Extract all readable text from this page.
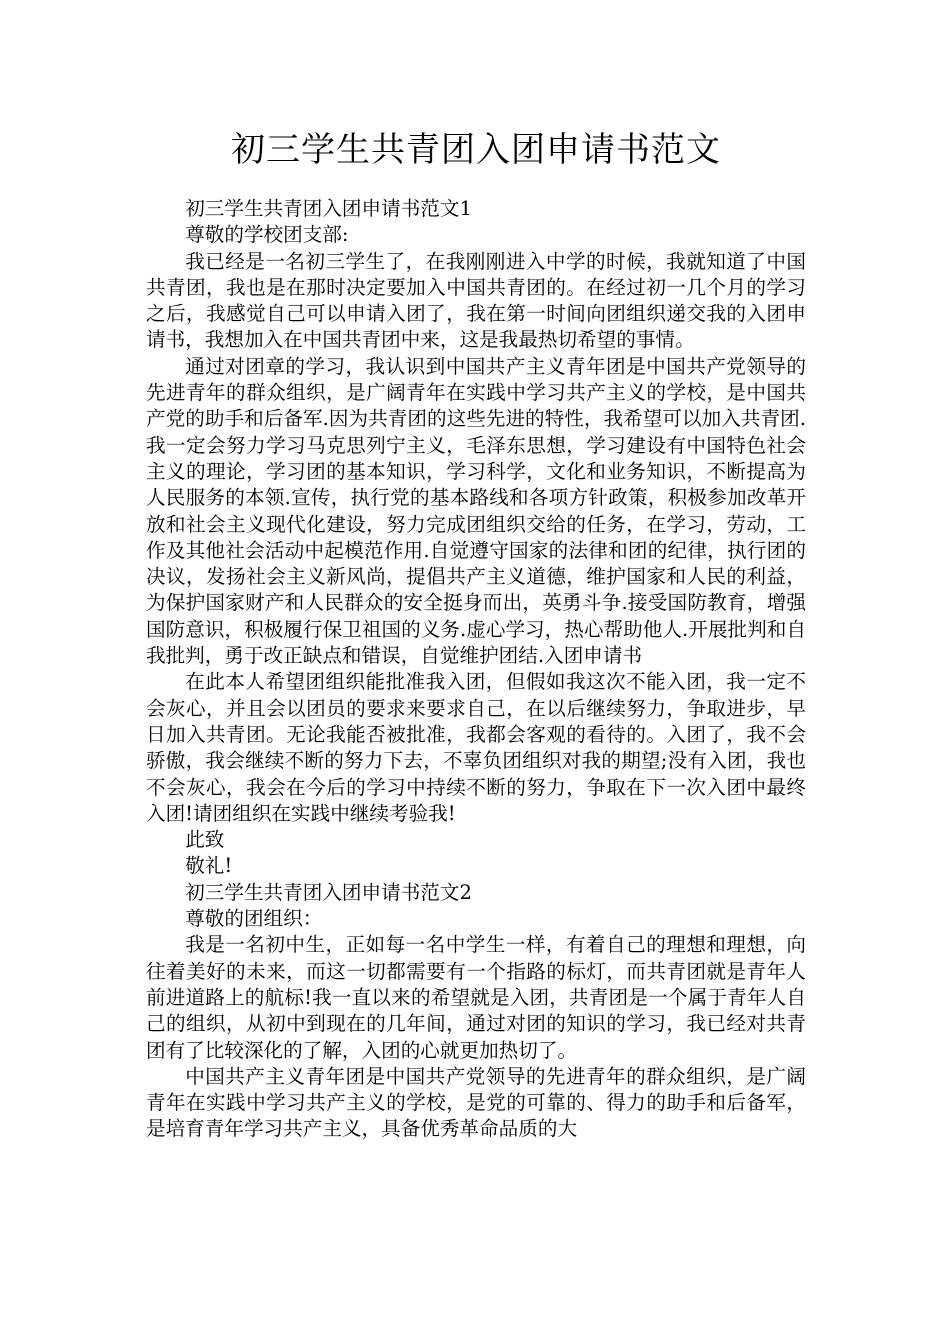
初三学生共青团入团申请书范文

初三学生共青团入团申请书范文1

尊敬的学校团支部:

我已经是一名初三学生了，在我刚刚进入中学的时候，我就知道了中国共青团，我也是在那时决定要加入中国共青团的。在经过初一几个月的学习之后，我感觉自己可以申请入团了，我在第一时间向团组织递交我的入团申请书，我想加入在中国共青团中来，这是我最热切希望的事情。

通过对团章的学习，我认识到中国共产主义青年团是中国共产党领导的先进青年的群众组织，是广阔青年在实践中学习共产主义的学校，是中国共产党的助手和后备军.因为共青团的这些先进的特性，我希望可以加入共青团.我一定会努力学习马克思列宁主义，毛泽东思想，学习建设有中国特色社会主义的理论，学习团的基本知识，学习科学，文化和业务知识，不断提高为人民服务的本领.宣传，执行党的基本路线和各项方针政策，积极参加改革开放和社会主义现代化建设，努力完成团组织交给的任务，在学习，劳动，工作及其他社会活动中起模范作用.自觉遵守国家的法律和团的纪律，执行团的决议，发扬社会主义新风尚，提倡共产主义道德，维护国家和人民的利益，为保护国家财产和人民群众的安全挺身而出，英勇斗争.接受国防教育，增强国防意识，积极履行保卫祖国的义务.虚心学习，热心帮助他人.开展批判和自我批判，勇于改正缺点和错误，自觉维护团结.入团申请书

在此本人希望团组织能批准我入团，但假如我这次不能入团，我一定不会灰心，并且会以团员的要求来要求自己，在以后继续努力，争取进步，早日加入共青团。无论我能否被批准，我都会客观的看待的。入团了，我不会骄傲，我会继续不断的努力下去，不辜负团组织对我的期望;没有入团，我也不会灰心，我会在今后的学习中持续不断的努力，争取在下一次入团中最终入团!请团组织在实践中继续考验我!

此致

敬礼!

初三学生共青团入团申请书范文2

尊敬的团组织：

我是一名初中生，正如每一名中学生一样，有着自己的理想和理想，向往着美好的未来，而这一切都需要有一个指路的标灯，而共青团就是青年人前进道路上的航标!我一直以来的希望就是入团，共青团是一个属于青年人自己的组织，从初中到现在的几年间，通过对团的知识的学习，我已经对共青团有了比较深化的了解，入团的心就更加热切了。

中国共产主义青年团是中国共产党领导的先进青年的群众组织，是广阔青年在实践中学习共产主义的学校，是党的可靠的、得力的助手和后备军，是培育青年学习共产主义，具备优秀革命品质的大
